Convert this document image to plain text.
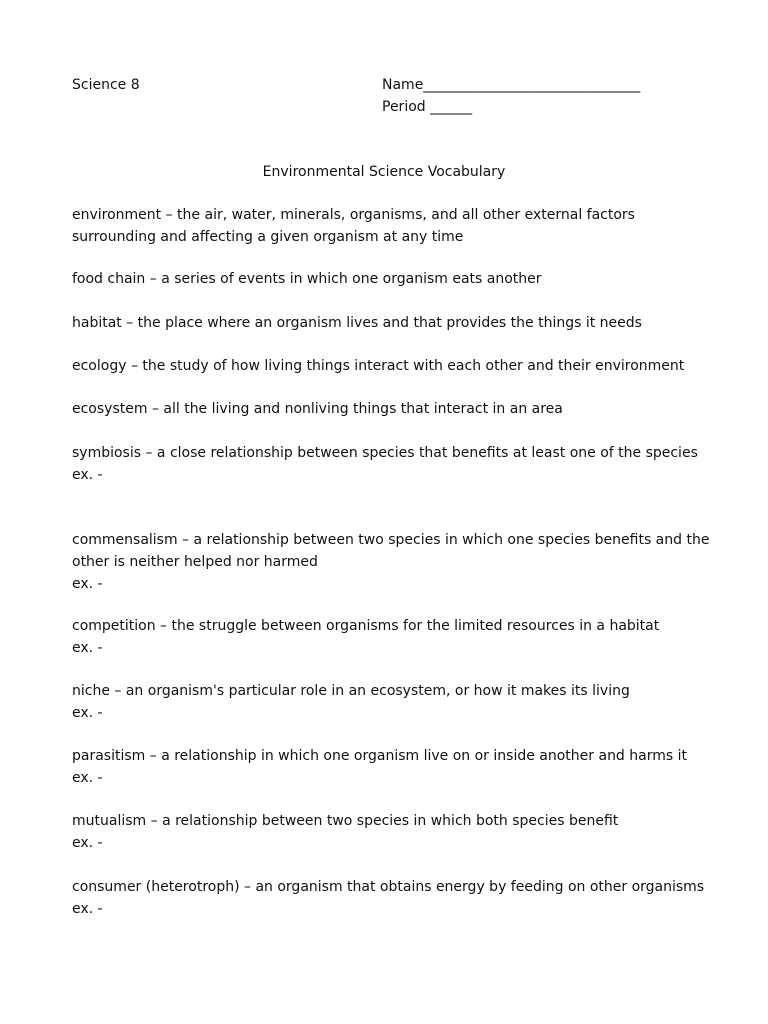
Science 8	Name_______________________________
Period ______
Environmental Science Vocabulary
environment – the air, water, minerals, organisms, and all other external factors surrounding and affecting a given organism at any time
food chain – a series of events in which one organism eats another
habitat – the place where an organism lives and that provides the things it needs
ecology – the study of how living things interact with each other and their environment
ecosystem – all the living and nonliving things that interact in an area
symbiosis – a close relationship between species that benefits at least one of the species
ex. -
commensalism – a relationship between two species in which one species benefits and the other is neither helped nor harmed
ex. -
competition – the struggle between organisms for the limited resources in a habitat
ex. -
niche – an organism's particular role in an ecosystem, or how it makes its living
ex. -
parasitism – a relationship in which one organism live on or inside another and harms it
ex. -
mutualism – a relationship between two species in which both species benefit
ex. -
consumer (heterotroph) – an organism that obtains energy by feeding on other organisms
ex. -
